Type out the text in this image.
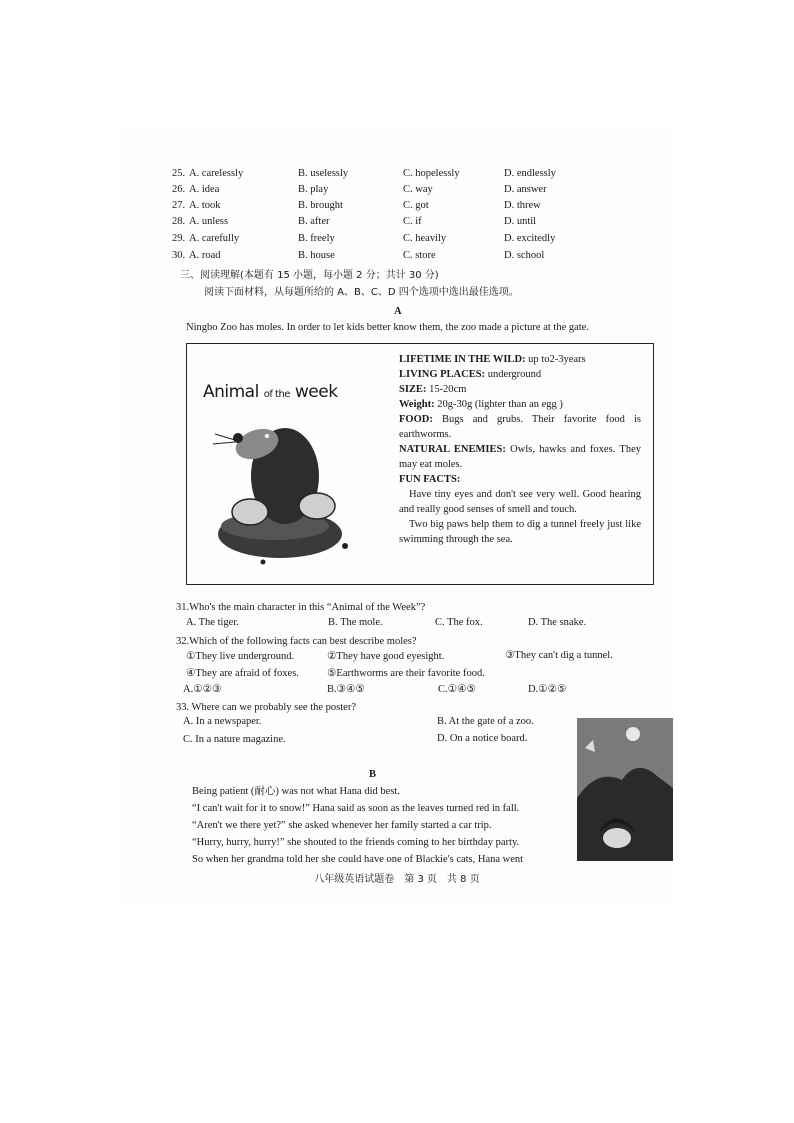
25. A. carelessly	B. uselessly	C. hopelessly	D. endlessly
26. A. idea	B. play	C. way	D. answer
27. A. took	B. brought	C. got	D. threw
28. A. unless	B. after	C. if	D. until
29. A. carefully	B. freely	C. heavily	D. excitedly
30. A. road	B. house	C. store	D. school
三、阅读理解(本题有 15 小题，每小题 2 分；共计 30 分)
阅读下面材料，从每题所给的 A、B、C、D 四个选项中选出最佳选项。
A
Ningbo Zoo has moles. In order to let kids better know them, the zoo made a picture at the gate.
Animal of the week
LIFETIME IN THE WILD: up to2-3years
LIVING PLACES: underground
SIZE: 15-20cm
Weight: 20g-30g (lighter than an egg )
FOOD: Bugs and grubs. Their favorite food is earthworms.
NATURAL ENEMIES: Owls, hawks and foxes. They may eat moles.
FUN FACTS:
Have tiny eyes and don't see very well. Good hearing and really good senses of smell and touch.
Two big paws help them to dig a tunnel freely just like swimming through the sea.
31.Who's the main character in this “Animal of the Week”?
A. The tiger.	B. The mole.	C. The fox.	D. The snake.
32.Which of the following facts can best describe moles?
①They live underground.	②They have good eyesight.	③They can't dig a tunnel.
④They are afraid of foxes.	⑤Earthworms are their favorite food.
A.①②③	B.③④⑤	C.①④⑤	D.①②⑤
33. Where can we probably see the poster?
A. In a newspaper.	B. At the gate of a zoo.
C. In a nature magazine.	D. On a notice board.
B
Being patient (耐心) was not what Hana did best.
“I can't wait for it to snow!” Hana said as soon as the leaves turned red in fall.
“Aren't we there yet?” she asked whenever her family started a car trip.
“Hurry, hurry, hurry!” she shouted to the friends coming to her birthday party.
So when her grandma told her she could have one of Blackie's cats, Hana went
八年级英语试题卷　第 3 页　共 8 页
